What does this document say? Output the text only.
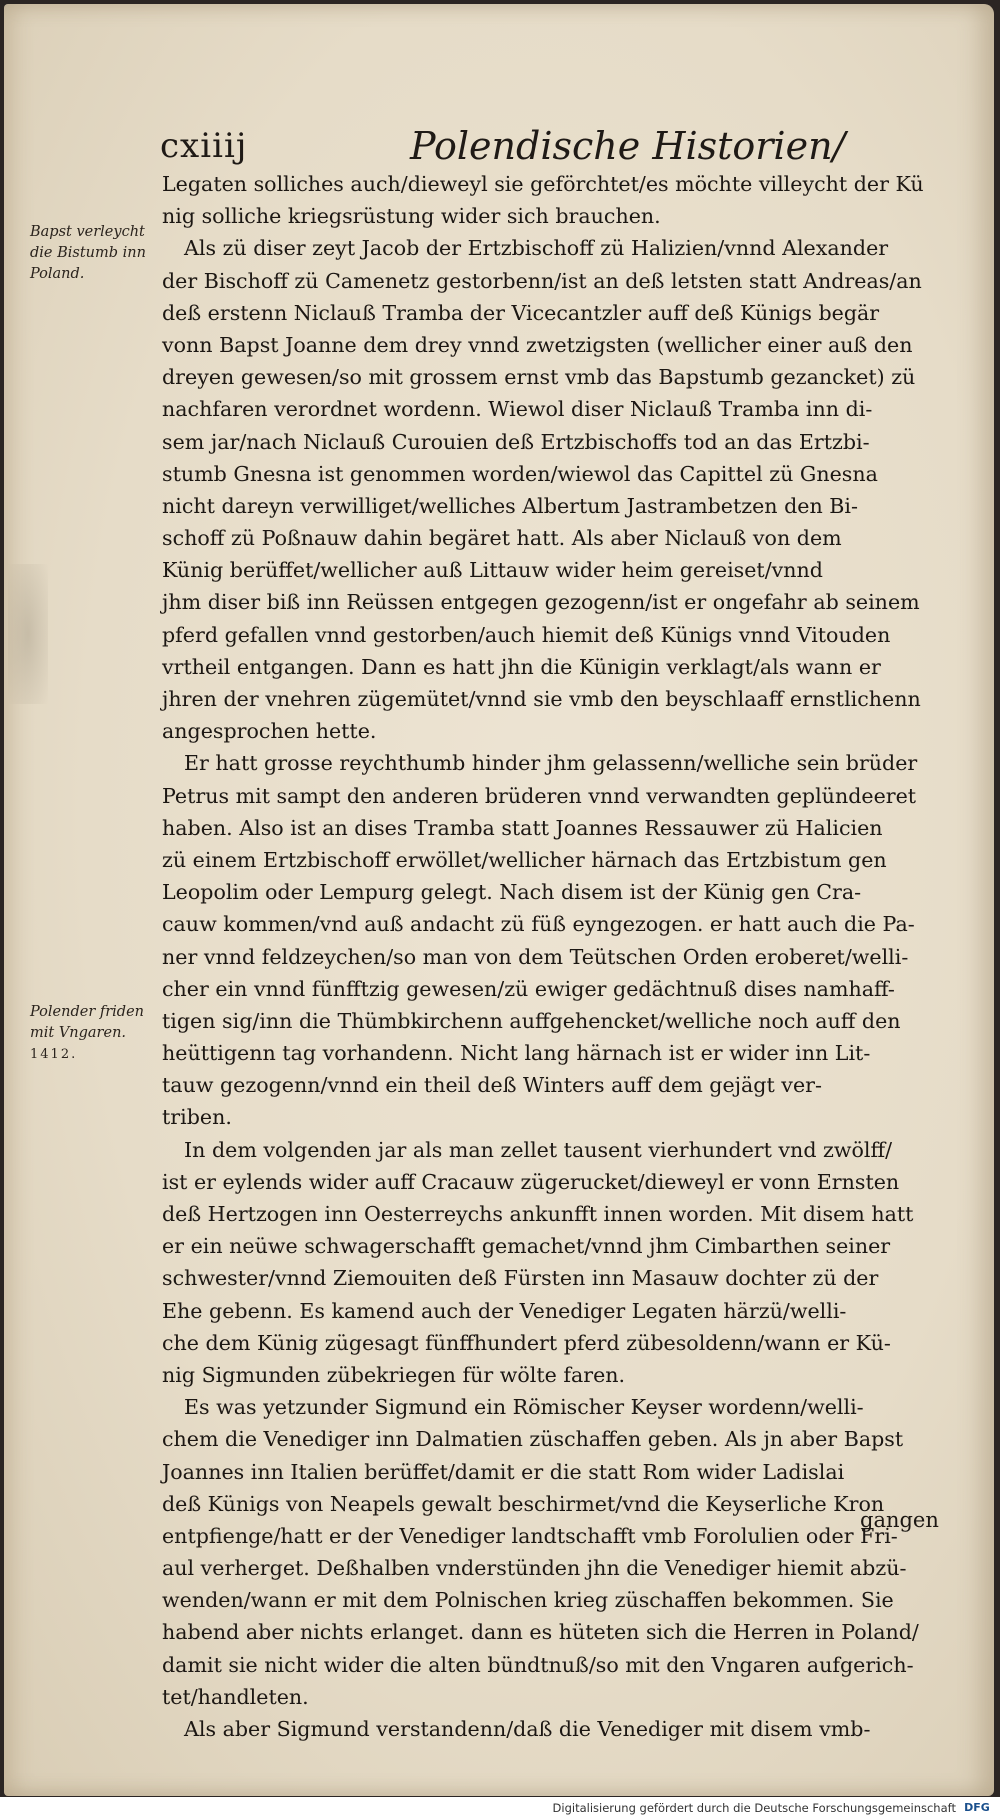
cxiiij	Polendische Historien/
Bapst verleycht
die Bistumb inn
Poland.
Polender friden
mit Vngaren.
1412.
Legaten solliches auch/dieweyl sie geförchtet/es möchte villeycht der Kü
nig solliche kriegsrüstung wider sich brauchen.
Als zü diser zeyt Jacob der Ertzbischoff zü Halizien/vnnd Alexander
der Bischoff zü Camenetz gestorbenn/ist an deß letsten statt Andreas/an
deß erstenn Niclauß Tramba der Vicecantzler auff deß Künigs begär
vonn Bapst Joanne dem drey vnnd zwetzigsten (wellicher einer auß den
dreyen gewesen/so mit grossem ernst vmb das Bapstumb gezancket) zü
nachfaren verordnet wordenn. Wiewol diser Niclauß Tramba inn di-
sem jar/nach Niclauß Curouien deß Ertzbischoffs tod an das Ertzbi-
stumb Gnesna ist genommen worden/wiewol das Capittel zü Gnesna
nicht dareyn verwilliget/welliches Albertum Jastrambetzen den Bi-
schoff zü Poßnauw dahin begäret hatt. Als aber Niclauß von dem
Künig berüffet/wellicher auß Littauw wider heim gereiset/vnnd
jhm diser biß inn Reüssen entgegen gezogenn/ist er ongefahr ab seinem
pferd gefallen vnnd gestorben/auch hiemit deß Künigs vnnd Vitouden
vrtheil entgangen. Dann es hatt jhn die Künigin verklagt/als wann er
jhren der vnehren zügemütet/vnnd sie vmb den beyschlaaff ernstlichenn
angesprochen hette.
Er hatt grosse reychthumb hinder jhm gelassenn/welliche sein brüder
Petrus mit sampt den anderen brüderen vnnd verwandten geplündeeret
haben. Also ist an dises Tramba statt Joannes Ressauwer zü Halicien
zü einem Ertzbischoff erwöllet/wellicher härnach das Ertzbistum gen
Leopolim oder Lempurg gelegt. Nach disem ist der Künig gen Cra-
cauw kommen/vnd auß andacht zü füß eyngezogen. er hatt auch die Pa-
ner vnnd feldzeychen/so man von dem Teütschen Orden eroberet/welli-
cher ein vnnd fünfftzig gewesen/zü ewiger gedächtnuß dises namhaff-
tigen sig/inn die Thümbkirchenn auffgehencket/welliche noch auff den
heüttigenn tag vorhandenn. Nicht lang härnach ist er wider inn Lit-
tauw gezogenn/vnnd ein theil deß Winters auff dem gejägt ver-
triben.
In dem volgenden jar als man zellet tausent vierhundert vnd zwölff/
ist er eylends wider auff Cracauw zügerucket/dieweyl er vonn Ernsten
deß Hertzogen inn Oesterreychs ankunfft innen worden. Mit disem hatt
er ein neüwe schwagerschafft gemachet/vnnd jhm Cimbarthen seiner
schwester/vnnd Ziemouiten deß Fürsten inn Masauw dochter zü der
Ehe gebenn. Es kamend auch der Venediger Legaten härzü/welli-
che dem Künig zügesagt fünffhundert pferd zübesoldenn/wann er Kü-
nig Sigmunden zübekriegen für wölte faren.
Es was yetzunder Sigmund ein Römischer Keyser wordenn/welli-
chem die Venediger inn Dalmatien züschaffen geben. Als jn aber Bapst
Joannes inn Italien berüffet/damit er die statt Rom wider Ladislai
deß Künigs von Neapels gewalt beschirmet/vnd die Keyserliche Kron
entpfienge/hatt er der Venediger landtschafft vmb Forolulien oder Fri-
aul verherget. Deßhalben vnderstünden jhn die Venediger hiemit abzü-
wenden/wann er mit dem Polnischen krieg züschaffen bekommen. Sie
habend aber nichts erlanget. dann es hüteten sich die Herren in Poland/
damit sie nicht wider die alten bündtnuß/so mit den Vngaren aufgerich-
tet/handleten.
Als aber Sigmund verstandenn/daß die Venediger mit disem vmb-
gangen
Digitalisierung gefördert durch die Deutsche Forschungsgemeinschaft DFG
